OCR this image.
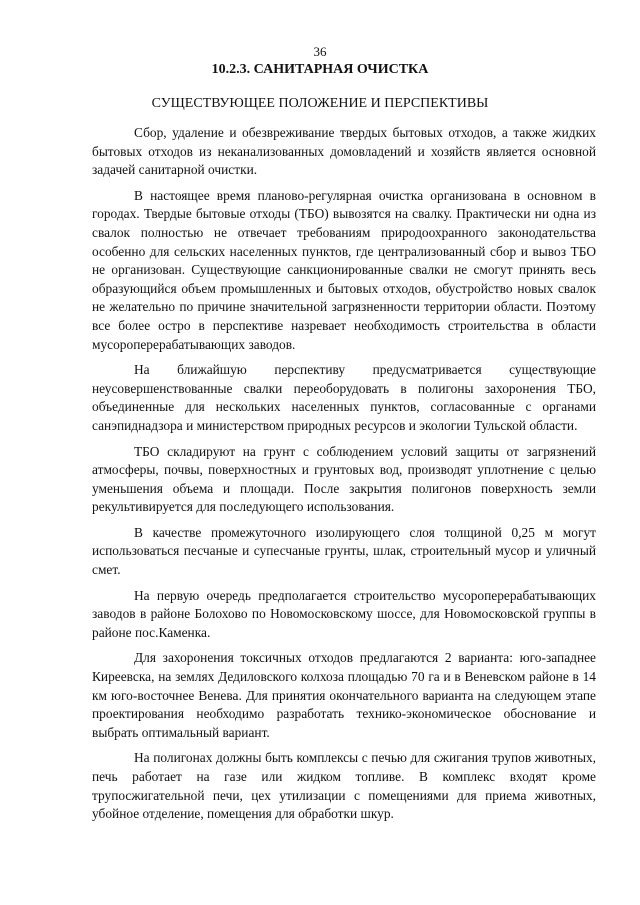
36
10.2.3. САНИТАРНАЯ ОЧИСТКА
СУЩЕСТВУЮЩЕЕ ПОЛОЖЕНИЕ И ПЕРСПЕКТИВЫ

Сбор, удаление и обезвреживание твердых бытовых отходов, а также жидких бытовых отходов из неканализованных домовладений и хозяйств является основной задачей санитарной очистки.

В настоящее время планово-регулярная очистка организована в основном в городах. Твердые бытовые отходы (ТБО) вывозятся на свалку. Практически ни одна из свалок полностью не отвечает требованиям природоохранного законодательства особенно для сельских населенных пунктов, где централизованный сбор и вывоз ТБО не организован. Существующие санкционированные свалки не смогут принять весь образующийся объем промышленных и бытовых отходов, обустройство новых свалок не желательно по причине значительной загрязненности территории области. Поэтому все более остро в перспективе назревает необходимость строительства в области мусороперерабатывающих заводов.

На ближайшую перспективу предусматривается существующие неусовершенствованные свалки переоборудовать в полигоны захоронения ТБО, объединенные для нескольких населенных пунктов, согласованные с органами санэпиднадзора и министерством природных ресурсов и экологии Тульской области.

ТБО складируют на грунт с соблюдением условий защиты от загрязнений атмосферы, почвы, поверхностных и грунтовых вод, производят уплотнение с целью уменьшения объема и площади. После закрытия полигонов поверхность земли рекультивируется для последующего использования.

В качестве промежуточного изолирующего слоя толщиной 0,25 м могут использоваться песчаные и супесчаные грунты, шлак, строительный мусор и уличный смет.

На первую очередь предполагается строительство мусороперерабатывающих заводов в районе Болохово по Новомосковскому шоссе, для Новомосковской группы в районе пос.Каменка.

Для захоронения токсичных отходов предлагаются 2 варианта: юго-западнее Киреевска, на землях Дедиловского колхоза площадью 70 га и в Веневском районе в 14 км юго-восточнее Венева. Для принятия окончательного варианта на следующем этапе проектирования необходимо разработать технико-экономическое обоснование и выбрать оптимальный вариант.

На полигонах должны быть комплексы с печью для сжигания трупов животных, печь работает на газе или жидком топливе. В комплекс входят кроме трупосжигательной печи, цех утилизации с помещениями для приема животных, убойное отделение, помещения для обработки шкур.
